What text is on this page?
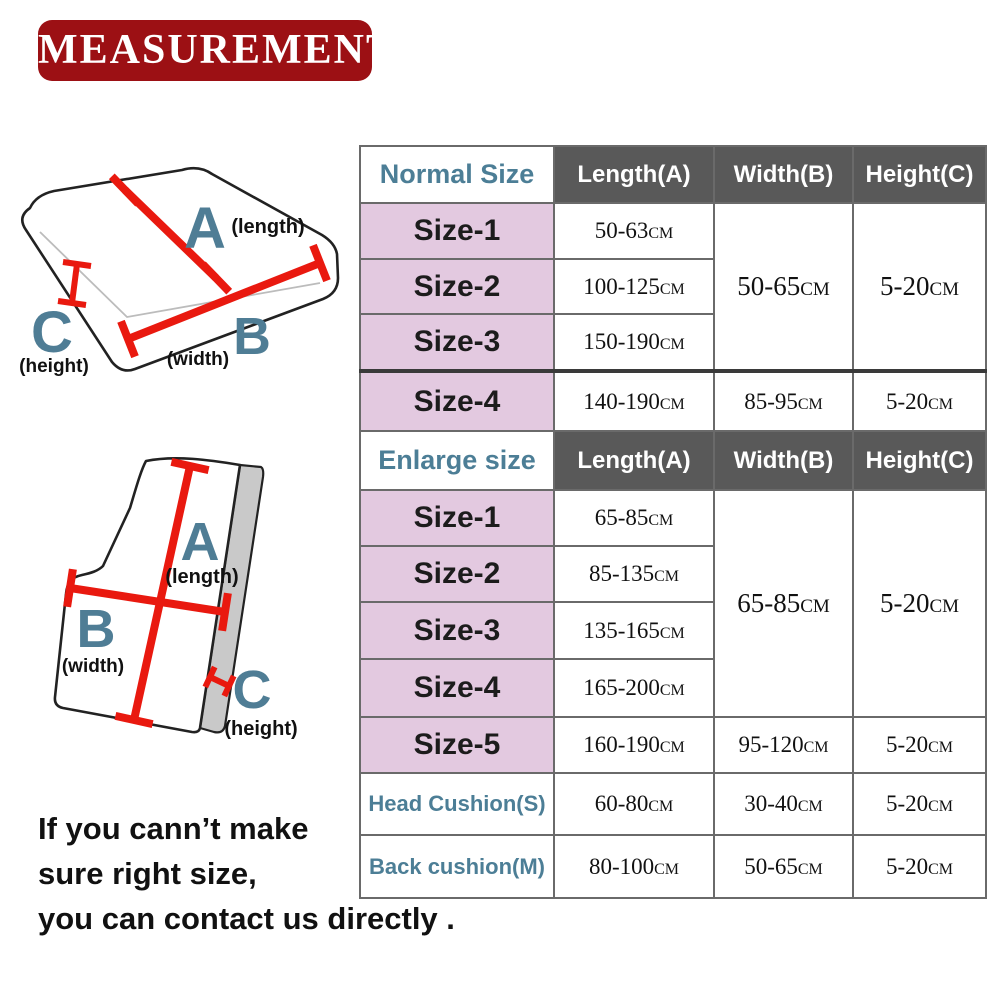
MEASUREMENT
A (length)
B
(width)
C
(height)
A
(length)
B
(width) C
(height)
Normal Size	Length(A)	Width(B)	Height(C)
Size-1	50-63cm	50-65cm	5-20cm
Size-2	100-125cm		
Size-3	150-190cm		
Size-4	140-190cm	85-95cm	5-20cm
Enlarge size	Length(A)	Width(B)	Height(C)
Size-1	65-85cm	65-85cm	5-20cm
Size-2	85-135cm		
Size-3	135-165cm		
Size-4	165-200cm		
Size-5	160-190cm	95-120cm	5-20cm
Head Cushion(S)	60-80cm	30-40cm	5-20cm
Back cushion(M)	80-100cm	50-65cm	5-20cm
If you cann’t make
sure right size,
you can contact us directly .
